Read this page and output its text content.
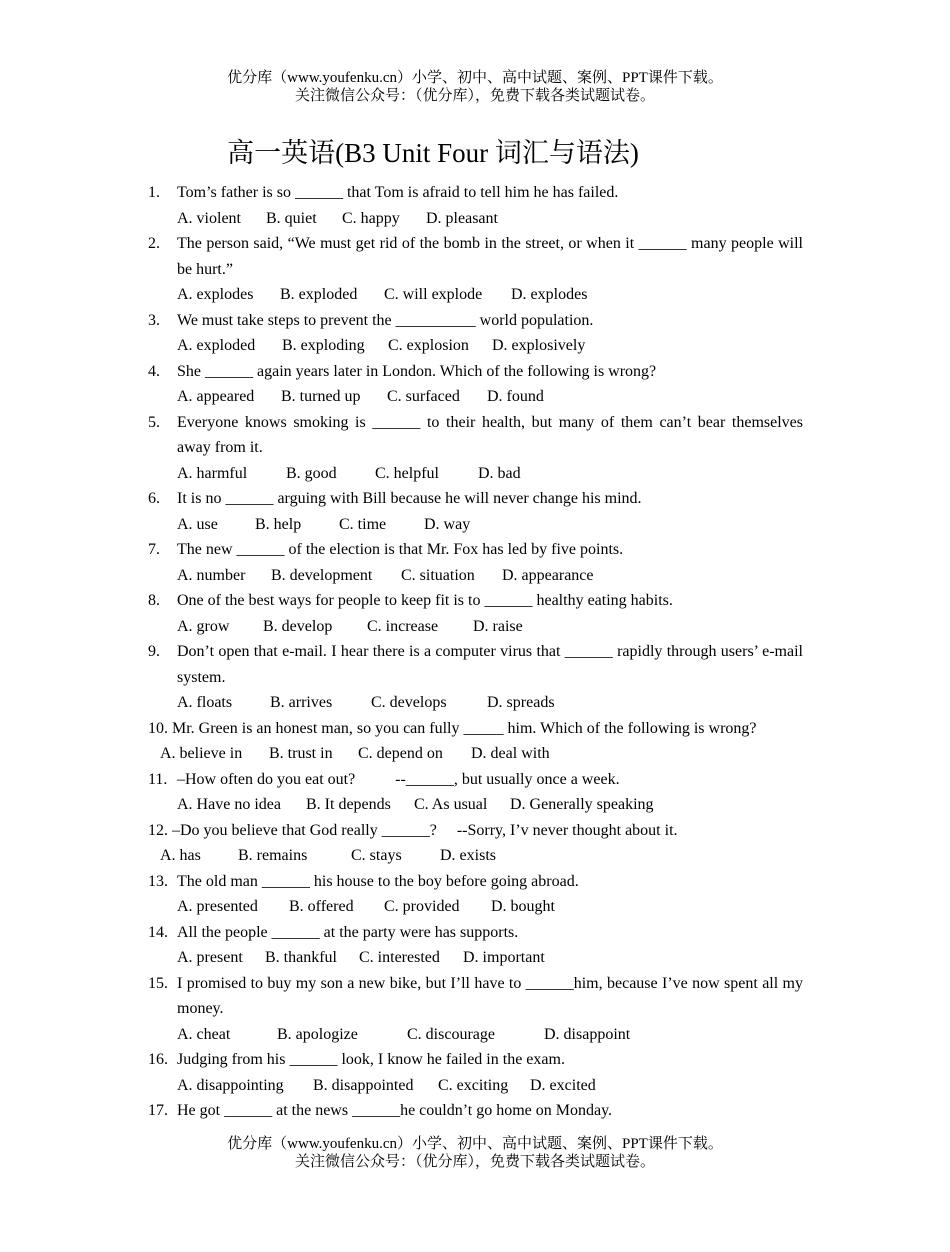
优分库（www.youfenku.cn）小学、初中、高中试题、案例、PPT课件下载。
关注微信公众号：（优分库），免费下载各类试题试卷。
高一英语(B3 Unit Four 词汇与语法)
1.	Tom’s father is so ______ that Tom is afraid to tell him he has failed.
A. violent B. quiet C. happy D. pleasant
2.	The person said, “We must get rid of the bomb in the street, or when it ______ many people will be hurt.”
A. explodes B. exploded C. will explode D. explodes
3.	We must take steps to prevent the __________ world population.
A. exploded B. exploding C. explosion D. explosively
4.	She ______ again years later in London. Which of the following is wrong?
A. appeared B. turned up C. surfaced D. found
5.	Everyone knows smoking is ______ to their health, but many of them can’t bear themselves away from it.
A. harmful B. good C. helpful D. bad
6.	It is no ______ arguing with Bill because he will never change his mind.
A. use B. help C. time D. way
7.	The new ______ of the election is that Mr. Fox has led by five points.
A. number B. development C. situation D. appearance
8.	One of the best ways for people to keep fit is to ______ healthy eating habits.
A. grow B. develop C. increase D. raise
9.	Don’t open that e-mail. I hear there is a computer virus that ______ rapidly through users’ e-mail system.
A. floats B. arrives C. develops	D. spreads
10. Mr. Green is an honest man, so you can fully _____ him. Which of the following is wrong?
A. believe in B. trust in C. depend on D. deal with
11. –How often do you eat out?          --______, but usually once a week.
A. Have no idea B. It depends C. As usual D. Generally speaking
12. –Do you believe that God really ______?     --Sorry, I’v never thought about it.
A. has B. remains	C. stays D. exists
13. The old man ______ his house to the boy before going abroad.
A. presented B. offered C. provided D. bought
14. All the people ______ at the party were has supports.
A. present B. thankful C. interested D. important
15. I promised to buy my son a new bike, but I’ll have to ______him, because I’ve now spent all my money.
A. cheat	B. apologize	C. discourage	D. disappoint
16. Judging from his ______ look, I know he failed in the exam.
A. disappointing B. disappointed C. exciting D. excited
17. He got ______ at the news ______he couldn’t go home on Monday.
优分库（www.youfenku.cn）小学、初中、高中试题、案例、PPT课件下载。
关注微信公众号：（优分库），免费下载各类试题试卷。
